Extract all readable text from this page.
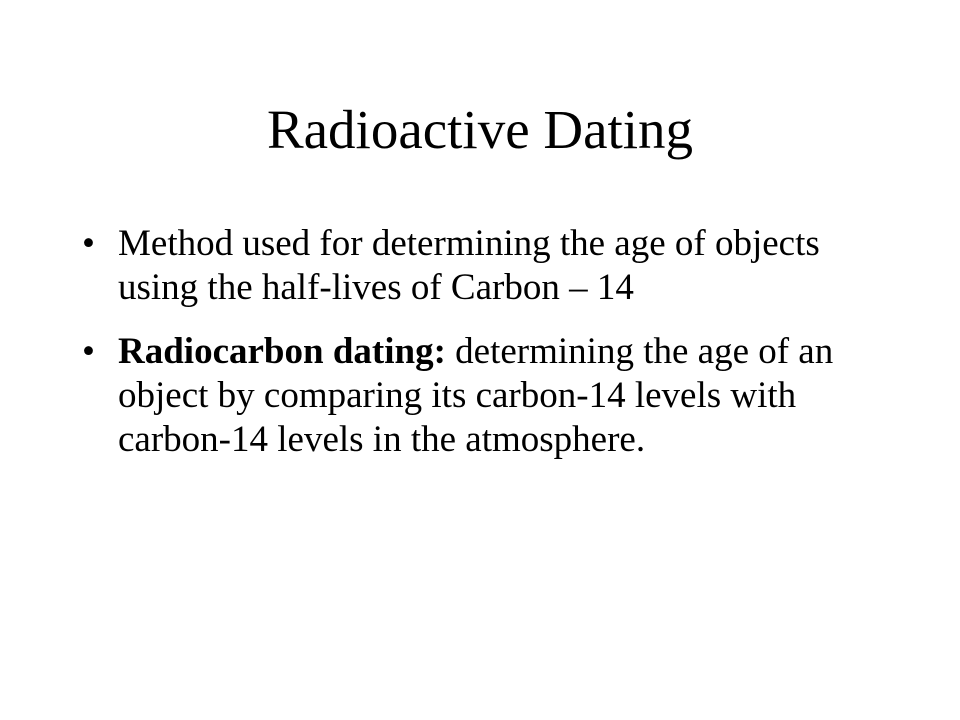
Radioactive Dating
• Method used for determining the age of objects using the half-lives of Carbon – 14
• Radiocarbon dating: determining the age of an object by comparing its carbon-14 levels with carbon-14 levels in the atmosphere.
